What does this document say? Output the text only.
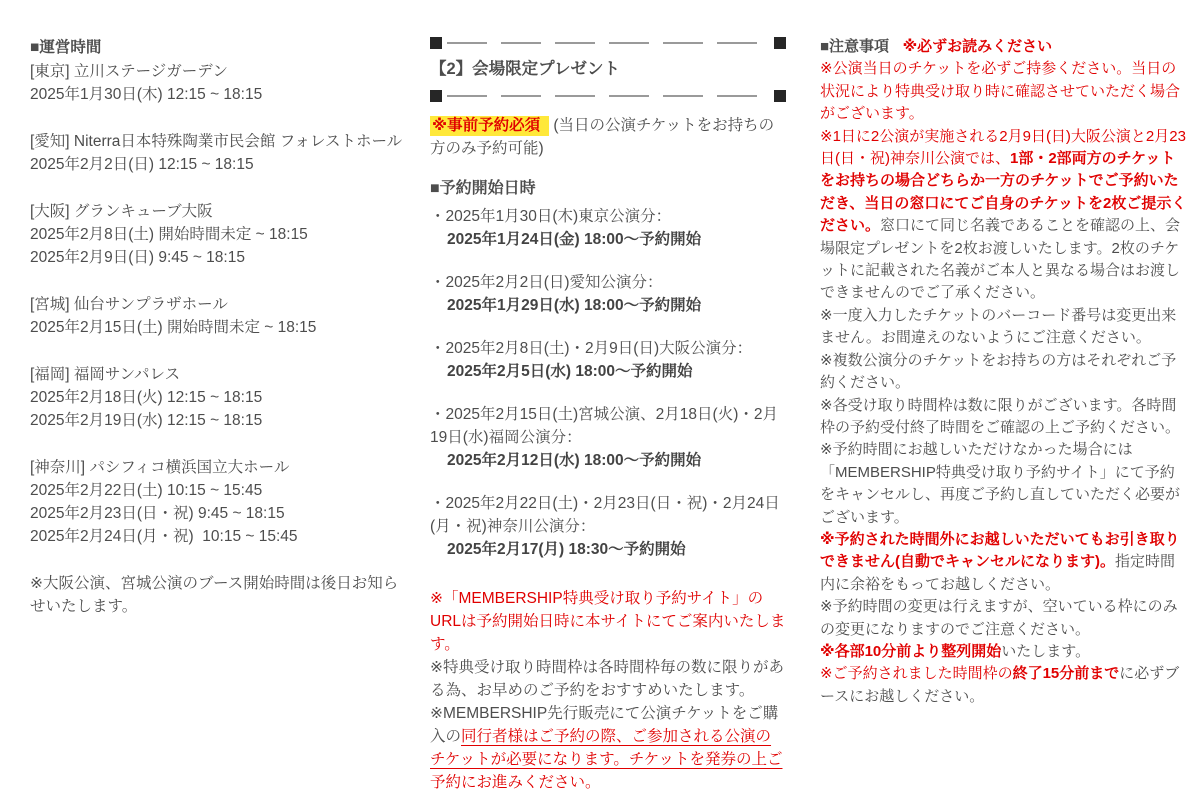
■運営時間
[東京] 立川ステージガーデン
2025年1月30日(木) 12:15 ~ 18:15
[愛知] Niterra日本特殊陶業市民会館 フォレストホール
2025年2月2日(日) 12:15 ~ 18:15
[大阪] グランキューブ大阪
2025年2月8日(土) 開始時間未定 ~ 18:15
2025年2月9日(日) 9:45 ~ 18:15
[宮城] 仙台サンプラザホール
2025年2月15日(土) 開始時間未定 ~ 18:15
[福岡] 福岡サンパレス
2025年2月18日(火) 12:15 ~ 18:15
2025年2月19日(水) 12:15 ~ 18:15
[神奈川] パシフィコ横浜国立大ホール
2025年2月22日(土) 10:15 ~ 15:45
2025年2月23日(日・祝) 9:45 ~ 18:15
2025年2月24日(月・祝)  10:15 ~ 15:45
※大阪公演、宮城公演のブース開始時間は後日お知らせいたします。
【2】会場限定プレゼント

※事前予約必須 (当日の公演チケットをお持ちの方のみ予約可能)

■予約開始日時
・2025年1月30日(木)東京公演分：
2025年1月24日(金) 18:00〜予約開始
・2025年2月2日(日)愛知公演分：
2025年1月29日(水) 18:00〜予約開始
・2025年2月8日(土)・2月9日(日)大阪公演分：
2025年2月5日(水) 18:00〜予約開始
・2025年2月15日(土)宮城公演、2月18日(火)・2月19日(水)福岡公演分：
2025年2月12日(水) 18:00〜予約開始
・2025年2月22日(土)・2月23日(日・祝)・2月24日(月・祝)神奈川公演分：
2025年2月17(月) 18:30〜予約開始

※「MEMBERSHIP特典受け取り予約サイト」のURLは予約開始日時に本サイトにてご案内いたします。

※特典受け取り時間枠は各時間枠毎の数に限りがある為、お早めのご予約をおすすめいたします。

※MEMBERSHIP先行販売にて公演チケットをご購入の同行者様はご予約の際、ご参加される公演のチケットが必要になります。チケットを発券の上ご予約にお進みください。

■注意事項 ※必ずお読みください

※公演当日のチケットを必ずご持参ください。当日の状況により特典受け取り時に確認させていただく場合がございます。

※1日に2公演が実施される2月9日(日)大阪公演と2月23日(日・祝)神奈川公演では、1部・2部両方のチケットをお持ちの場合どちらか一方のチケットでご予約いただき、当日の窓口にてご自身のチケットを2枚ご提示ください。窓口にて同じ名義であることを確認の上、会場限定プレゼントを2枚お渡しいたします。2枚のチケットに記載された名義がご本人と異なる場合はお渡しできませんのでご了承ください。

※一度入力したチケットのバーコード番号は変更出来ません。お間違えのないようにご注意ください。

※複数公演分のチケットをお持ちの方はそれぞれご予約ください。

※各受け取り時間枠は数に限りがございます。各時間枠の予約受付終了時間をご確認の上ご予約ください。

※予約時間にお越しいただけなかった場合には「MEMBERSHIP特典受け取り予約サイト」にて予約をキャンセルし、再度ご予約し直していただく必要がございます。

※予約された時間外にお越しいただいてもお引き取りできません(自動でキャンセルになります)。指定時間内に余裕をもってお越しください。

※予約時間の変更は行えますが、空いている枠にのみの変更になりますのでご注意ください。

※各部10分前より整列開始いたします。

※ご予約されました時間枠の終了15分前までに必ずブースにお越しください。
